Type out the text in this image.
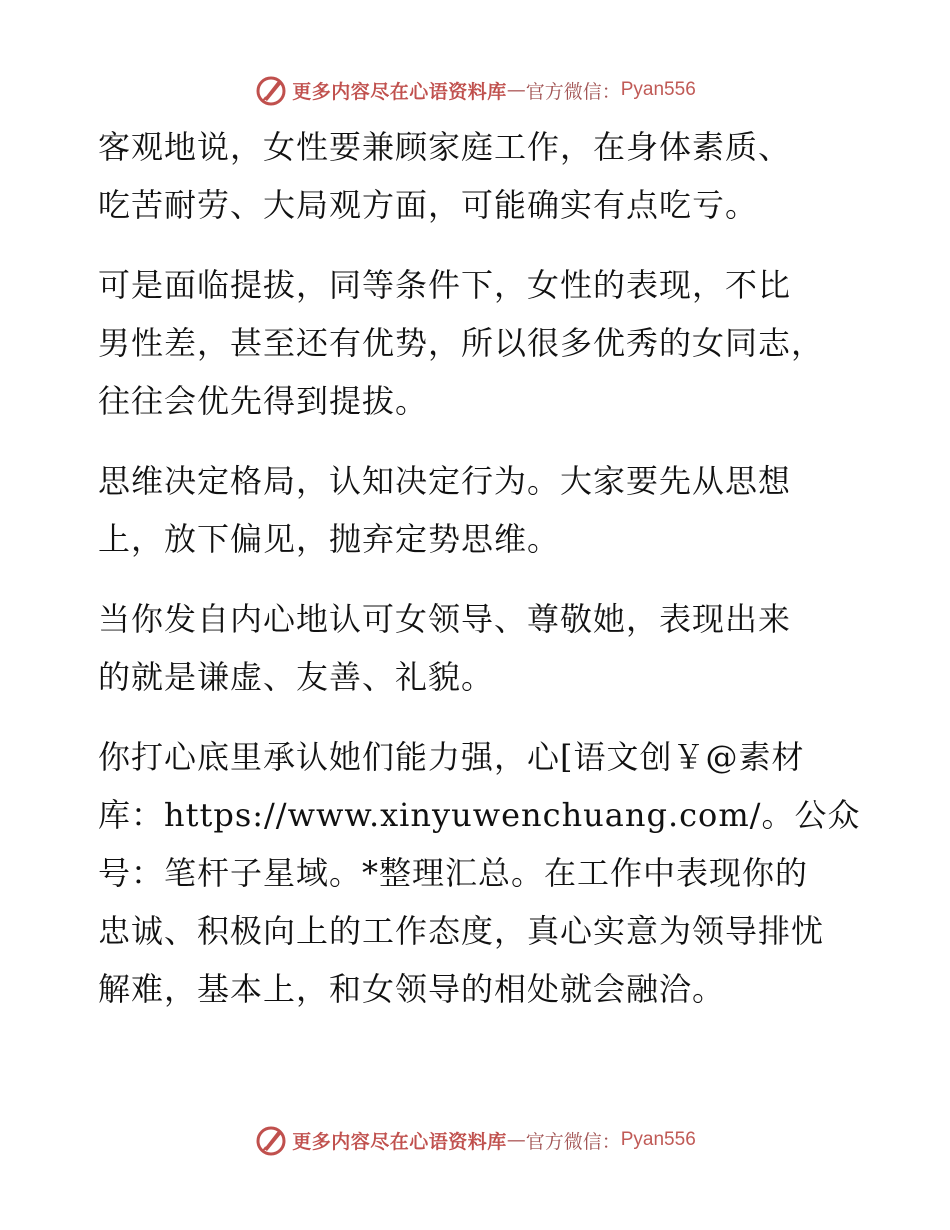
更多内容尽在心语资料库 — 官方微信： Pyan556
客观地说，女性要兼顾家庭工作，在身体素质、
吃苦耐劳、大局观方面，可能确实有点吃亏。
可是面临提拔，同等条件下，女性的表现，不比
男性差，甚至还有优势，所以很多优秀的女同志，
往往会优先得到提拔。
思维决定格局，认知决定行为。大家要先从思想
上，放下偏见，抛弃定势思维。
当你发自内心地认可女领导、尊敬她，表现出来
的就是谦虚、友善、礼貌。
你打心底里承认她们能力强，心[语文创￥@素材
库：https://www.xinyuwenchuang.com/。公众
号：笔杆子星域。*整理汇总。在工作中表现你的
忠诚、积极向上的工作态度，真心实意为领导排忧
解难，基本上，和女领导的相处就会融洽。
更多内容尽在心语资料库 — 官方微信： Pyan556
